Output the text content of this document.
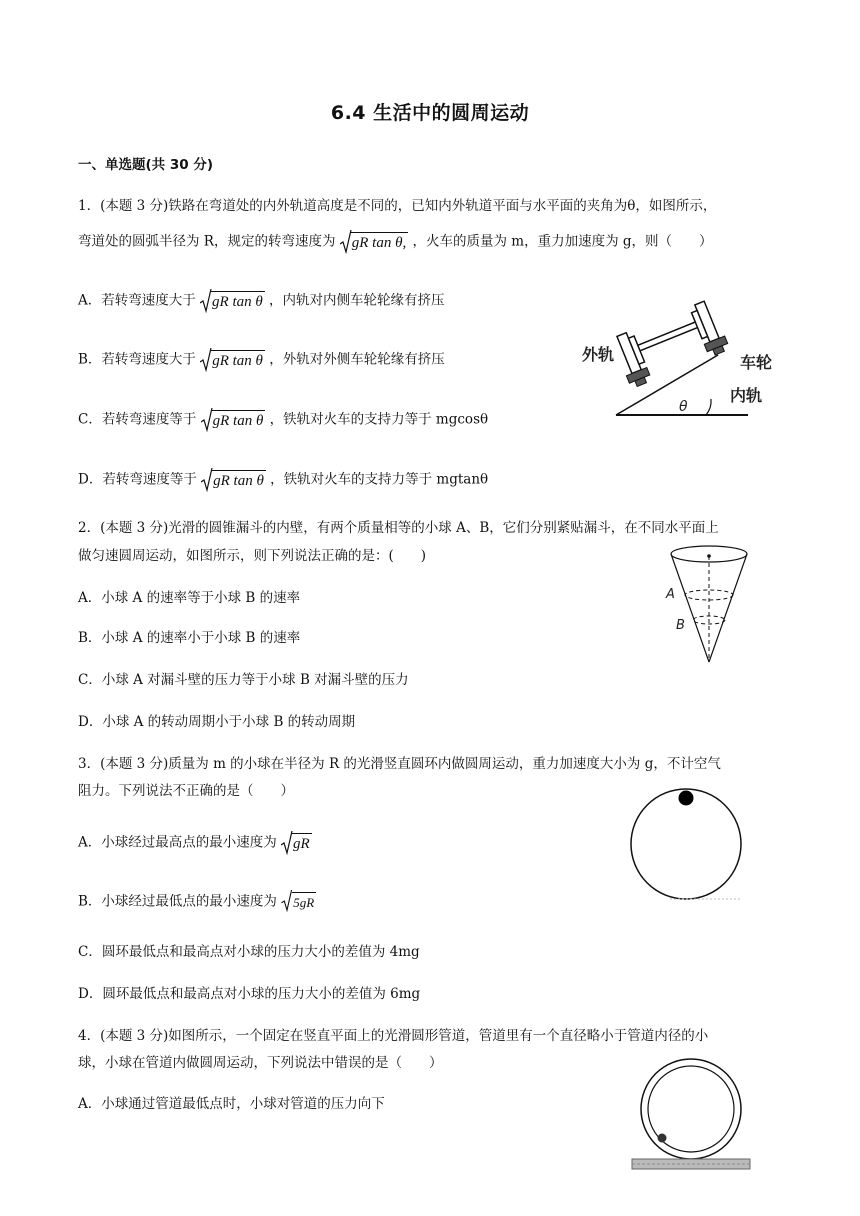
6.4 生活中的圆周运动
一、单选题(共 30 分)
1．(本题 3 分)铁路在弯道处的内外轨道高度是不同的，已知内外轨道平面与水平面的夹角为θ，如图所示，
弯道处的圆弧半径为 R，规定的转弯速度为 gR tan θ, ，火车的质量为 m，重力加速度为 g，则（　　）
A．若转弯速度大于 gR tan θ ，内轨对内侧车轮轮缘有挤压
B．若转弯速度大于 gR tan θ ，外轨对外侧车轮轮缘有挤压
C．若转弯速度等于 gR tan θ ，铁轨对火车的支持力等于 mgcosθ
D．若转弯速度等于 gR tan θ ，铁轨对火车的支持力等于 mgtanθ
外轨	车轮
内轨
θ
2．(本题 3 分)光滑的圆锥漏斗的内壁，有两个质量相等的小球 A、B，它们分别紧贴漏斗，在不同水平面上
做匀速圆周运动，如图所示，则下列说法正确的是：(　　)
A．小球 A 的速率等于小球 B 的速率
B．小球 A 的速率小于小球 B 的速率
C．小球 A 对漏斗壁的压力等于小球 B 对漏斗壁的压力
D．小球 A 的转动周期小于小球 B 的转动周期
A
B
3．(本题 3 分)质量为 m 的小球在半径为 R 的光滑竖直圆环内做圆周运动，重力加速度大小为 g，不计空气
阻力。下列说法不正确的是（　　）
A．小球经过最高点的最小速度为 gR
B．小球经过最低点的最小速度为 5gR
C．圆环最低点和最高点对小球的压力大小的差值为 4mg
D．圆环最低点和最高点对小球的压力大小的差值为 6mg
4．(本题 3 分)如图所示，一个固定在竖直平面上的光滑圆形管道，管道里有一个直径略小于管道内径的小
球，小球在管道内做圆周运动，下列说法中错误的是（　　）
A．小球通过管道最低点时，小球对管道的压力向下
